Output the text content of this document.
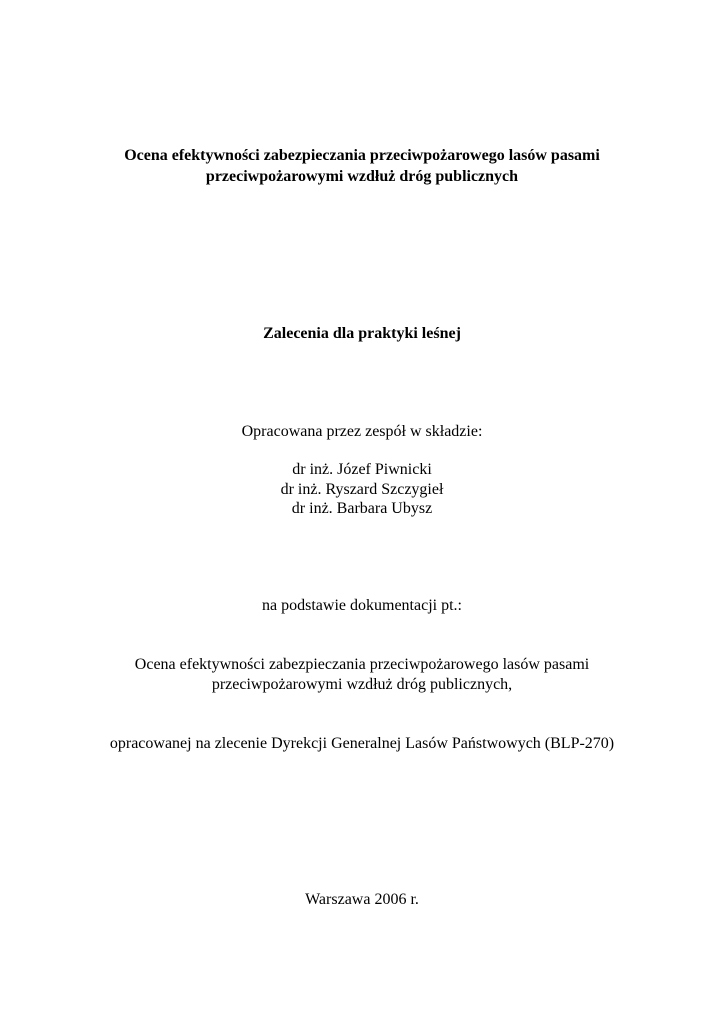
Ocena efektywności zabezpieczania przeciwpożarowego lasów pasami
przeciwpożarowymi wzdłuż dróg publicznych
Zalecenia dla praktyki leśnej
Opracowana przez zespół w składzie:
dr inż. Józef Piwnicki
dr inż. Ryszard Szczygieł
dr inż. Barbara Ubysz
na podstawie dokumentacji pt.:
Ocena efektywności zabezpieczania przeciwpożarowego lasów pasami
przeciwpożarowymi wzdłuż dróg publicznych,
opracowanej na zlecenie Dyrekcji Generalnej Lasów Państwowych (BLP-270)
Warszawa 2006 r.
